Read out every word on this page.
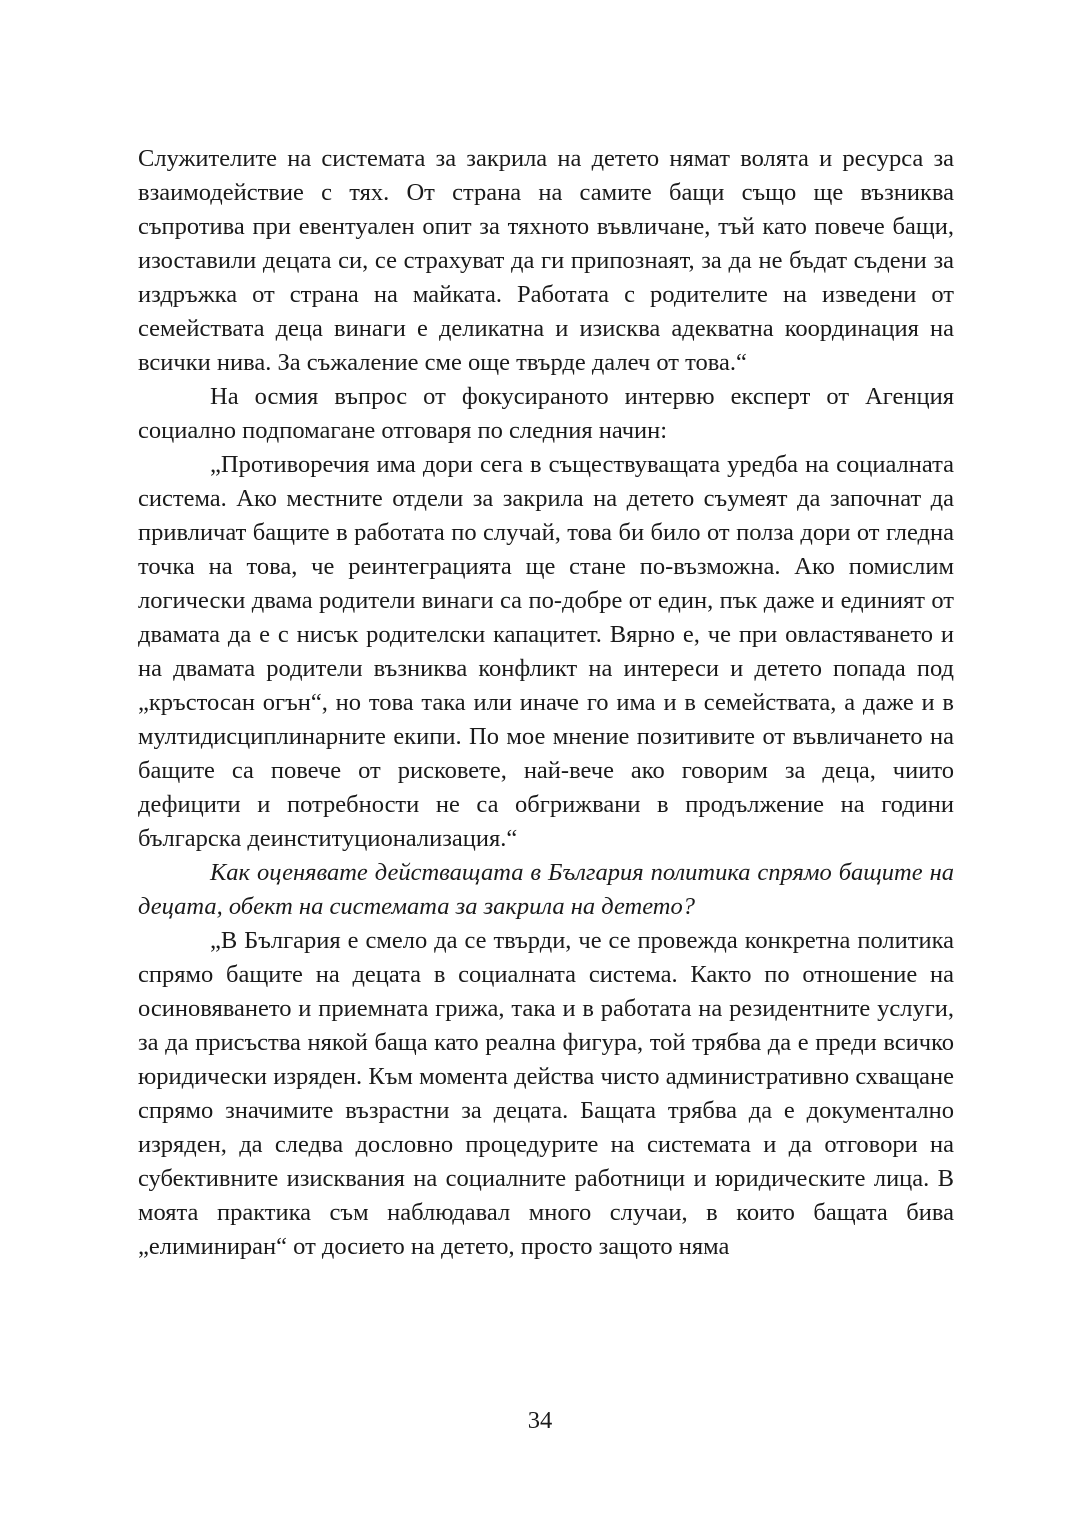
Служителите на системата за закрила на детето нямат волята и ресурса за взаимодействие с тях. От страна на самите бащи също ще възниква съпротива при евентуален опит за тяхното въвличане, тъй като повече бащи, изоставили децата си, се страхуват да ги припознаят, за да не бъдат съдени за издръжка от страна на майката. Работата с родителите на изведени от семействата деца винаги е деликатна и изисква адекватна координация на всички нива. За съжаление сме още твърде далеч от това.“

На осмия въпрос от фокусираното интервю експерт от Агенция социално подпомагане отговаря по следния начин:

„Противоречия има дори сега в съществуващата уредба на социалната система. Ако местните отдели за закрила на детето съумеят да започнат да привличат бащите в работата по случай, това би било от полза дори от гледна точка на това, че реинтеграцията ще стане по-възможна. Ако помислим логически двама родители винаги са по-добре от един, пък даже и единият от двамата да е с нисък родителски капацитет. Вярно е, че при овластяването и на двамата родители възниква конфликт на интереси и детето попада под „кръстосан огън“, но това така или иначе го има и в семействата, а даже и в мултидисциплинарните екипи. По мое мнение позитивите от въвличането на бащите са повече от рисковете, най-вече ако говорим за деца, чиито дефицити и потребности не са обгрижвани в продължение на години българска деинституционализация.“

Как оценявате действащата в България политика спрямо бащите на децата, обект на системата за закрила на детето?

„В България е смело да се твърди, че се провежда конкретна политика спрямо бащите на децата в социалната система. Както по отношение на осиновяването и приемната грижа, така и в работата на резидентните услуги, за да присъства някой баща като реална фигура, той трябва да е преди всичко юридически изряден. Към момента действа чисто административно схващане спрямо значимите възрастни за децата. Бащата трябва да е документално изряден, да следва дословно процедурите на системата и да отговори на субективните изисквания на социалните работници и юридическите лица. В моята практика съм наблюдавал много случаи, в които бащата бива „елиминиран“ от досието на детето, просто защото няма

34
